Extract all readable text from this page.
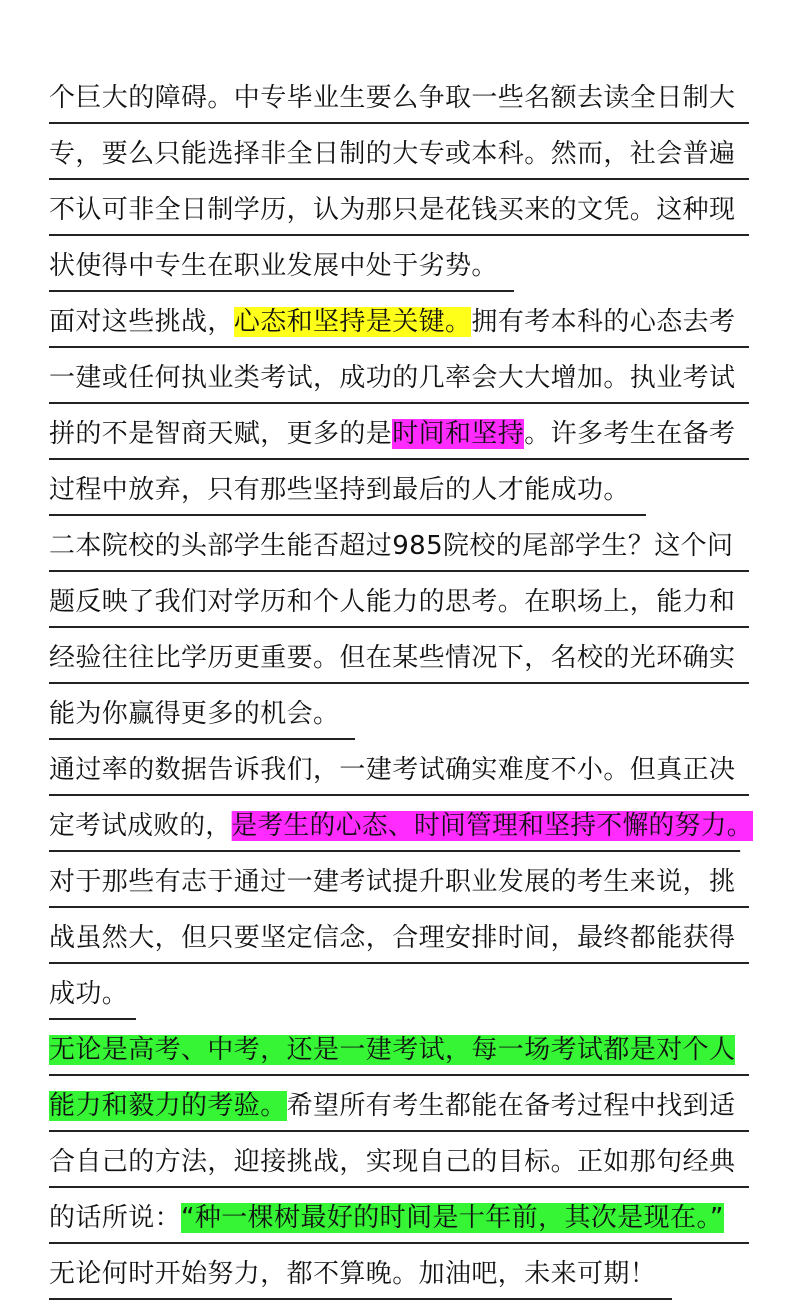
个巨大的障碍。中专毕业生要么争取一些名额去读全日制大
专，要么只能选择非全日制的大专或本科。然而，社会普遍
不认可非全日制学历，认为那只是花钱买来的文凭。这种现
状使得中专生在职业发展中处于劣势。
面对这些挑战，心态和坚持是关键。拥有考本科的心态去考
一建或任何执业类考试，成功的几率会大大增加。执业考试
拼的不是智商天赋，更多的是时间和坚持。许多考生在备考
过程中放弃，只有那些坚持到最后的人才能成功。
二本院校的头部学生能否超过985院校的尾部学生？这个问
题反映了我们对学历和个人能力的思考。在职场上，能力和
经验往往比学历更重要。但在某些情况下，名校的光环确实
能为你赢得更多的机会。
通过率的数据告诉我们，一建考试确实难度不小。但真正决
定考试成败的，是考生的心态、时间管理和坚持不懈的努力。
对于那些有志于通过一建考试提升职业发展的考生来说，挑
战虽然大，但只要坚定信念，合理安排时间，最终都能获得
成功。
无论是高考、中考，还是一建考试，每一场考试都是对个人
能力和毅力的考验。希望所有考生都能在备考过程中找到适
合自己的方法，迎接挑战，实现自己的目标。正如那句经典
的话所说：“种一棵树最好的时间是十年前，其次是现在。”
无论何时开始努力，都不算晚。加油吧，未来可期！
